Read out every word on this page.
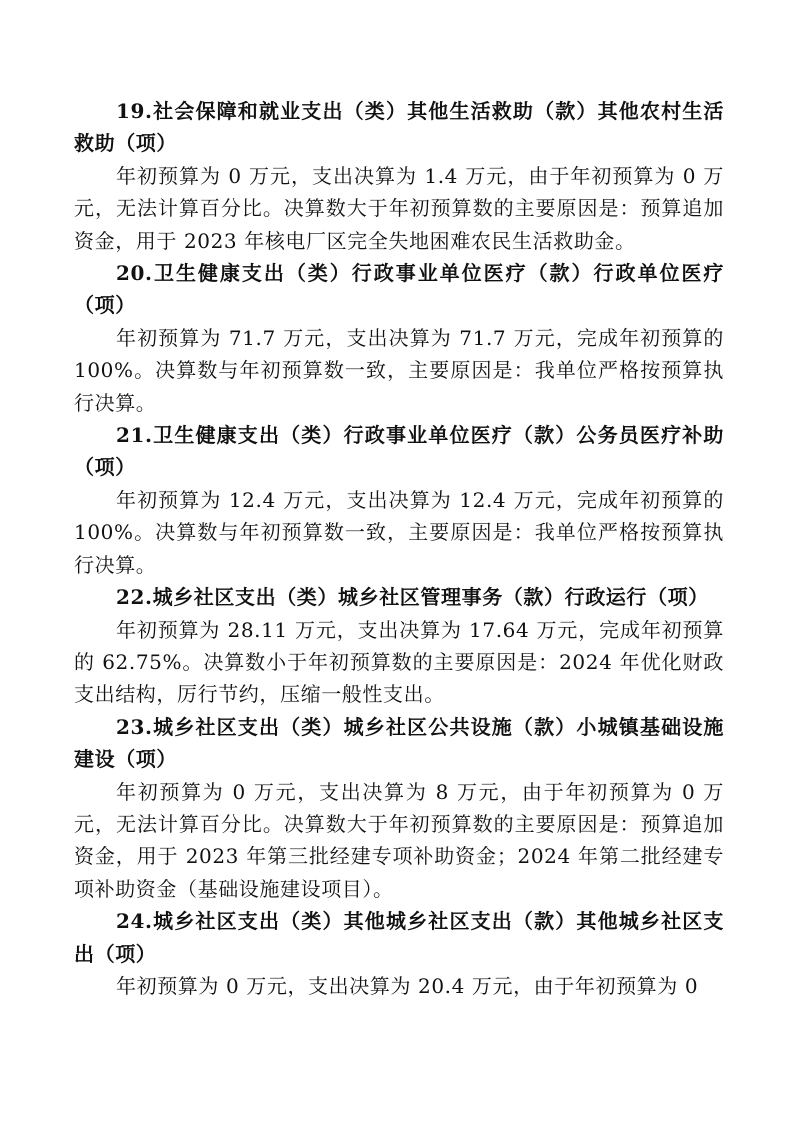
19.社会保障和就业支出（类）其他生活救助（款）其他农村生活救助（项）

年初预算为 0 万元，支出决算为 1.4 万元，由于年初预算为 0 万元，无法计算百分比。决算数大于年初预算数的主要原因是：预算追加资金，用于 2023 年核电厂区完全失地困难农民生活救助金。

20.卫生健康支出（类）行政事业单位医疗（款）行政单位医疗（项）

年初预算为 71.7 万元，支出决算为 71.7 万元，完成年初预算的 100%。决算数与年初预算数一致，主要原因是：我单位严格按预算执行决算。

21.卫生健康支出（类）行政事业单位医疗（款）公务员医疗补助（项）

年初预算为 12.4 万元，支出决算为 12.4 万元，完成年初预算的 100%。决算数与年初预算数一致，主要原因是：我单位严格按预算执行决算。

22.城乡社区支出（类）城乡社区管理事务（款）行政运行（项）

年初预算为 28.11 万元，支出决算为 17.64 万元，完成年初预算的 62.75%。决算数小于年初预算数的主要原因是：2024 年优化财政支出结构，厉行节约，压缩一般性支出。

23.城乡社区支出（类）城乡社区公共设施（款）小城镇基础设施建设（项）

年初预算为 0 万元，支出决算为 8 万元，由于年初预算为 0 万元，无法计算百分比。决算数大于年初预算数的主要原因是：预算追加资金，用于 2023 年第三批经建专项补助资金；2024 年第二批经建专项补助资金（基础设施建设项目）。

24.城乡社区支出（类）其他城乡社区支出（款）其他城乡社区支出（项）

年初预算为 0 万元，支出决算为 20.4 万元，由于年初预算为 0
